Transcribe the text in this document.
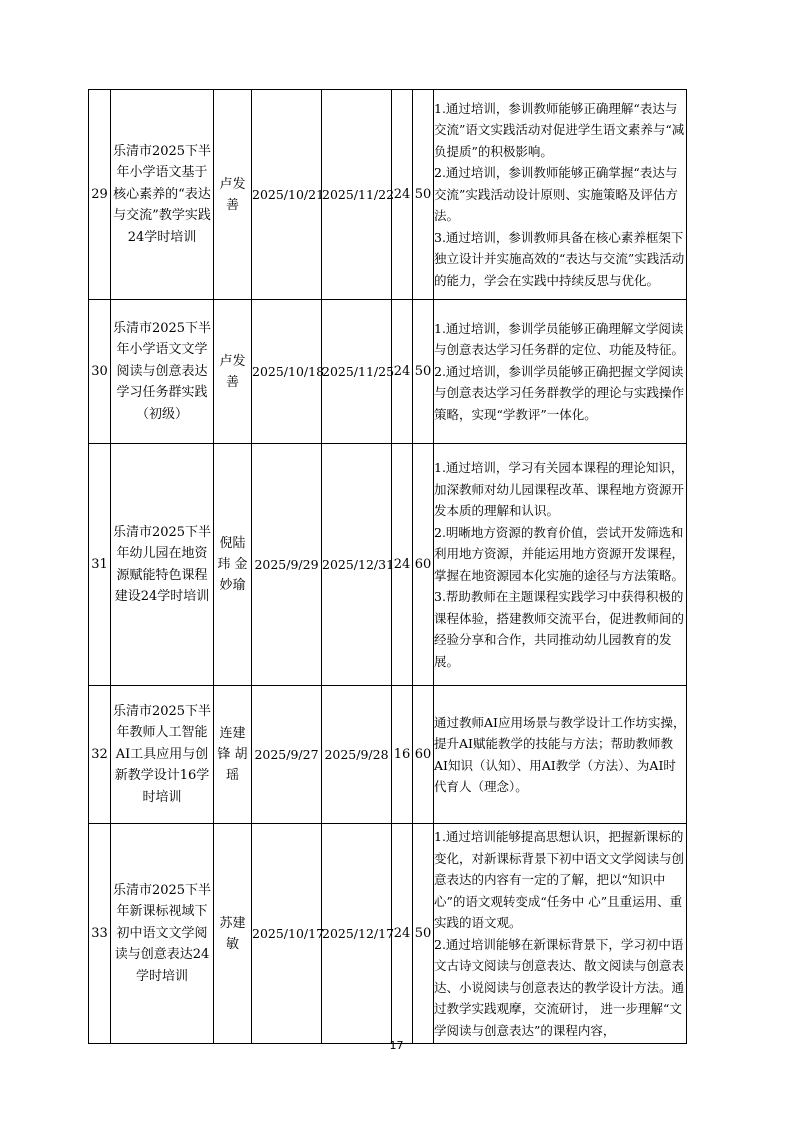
29	乐清市2025下半年小学语文基于核心素养的“表达与交流”教学实践24学时培训	卢发善	2025/10/21	2025/11/22	24	50	1.通过培训，参训教师能够正确理解“表达与交流”语文实践活动对促进学生语文素养与“减负提质”的积极影响。
2.通过培训，参训教师能够正确掌握“表达与交流”实践活动设计原则、实施策略及评估方法。
3.通过培训，参训教师具备在核心素养框架下独立设计并实施高效的“表达与交流”实践活动的能力，学会在实践中持续反思与优化。

30	乐清市2025下半年小学语文文学阅读与创意表达学习任务群实践（初级）	卢发善	2025/10/18	2025/11/25	24	50	1.通过培训，参训学员能够正确理解文学阅读与创意表达学习任务群的定位、功能及特征。
2.通过培训，参训学员能够正确把握文学阅读与创意表达学习任务群教学的理论与实践操作策略，实现“学教评”一体化。

31	乐清市2025下半年幼儿园在地资源赋能特色课程建设24学时培训	倪陆玮 金妙瑜	2025/9/29	2025/12/31	24	60	1.通过培训，学习有关园本课程的理论知识，加深教师对幼儿园课程改革、课程地方资源开发本质的理解和认识。
2.明晰地方资源的教育价值，尝试开发筛选和利用地方资源，并能运用地方资源开发课程，掌握在地资源园本化实施的途径与方法策略。
3.帮助教师在主题课程实践学习中获得积极的课程体验，搭建教师交流平台，促进教师间的经验分享和合作，共同推动幼儿园教育的发展。

32	乐清市2025下半年教师人工智能AI工具应用与创新教学设计16学时培训	连建锋 胡 瑶	2025/9/27	2025/9/28	16	60	通过教师AI应用场景与教学设计工作坊实操，提升AI赋能教学的技能与方法；帮助教师教AI知识（认知）、用AI教学（方法）、为AI时代育人（理念）。

33	乐清市2025下半年新课标视域下初中语文文学阅读与创意表达24学时培训	苏建敏	2025/10/17	2025/12/17	24	50	1.通过培训能够提高思想认识，把握新课标的变化，对新课标背景下初中语文文学阅读与创意表达的内容有一定的了解，把以“知识中心”的语文观转变成“任务中 心”且重运用、重实践的语文观。
2.通过培训能够在新课标背景下，学习初中语文古诗文阅读与创意表达、散文阅读与创意表达、小说阅读与创意表达的教学设计方法。通过教学实践观摩，交流研讨， 进一步理解“文学阅读与创意表达”的课程内容，
17
